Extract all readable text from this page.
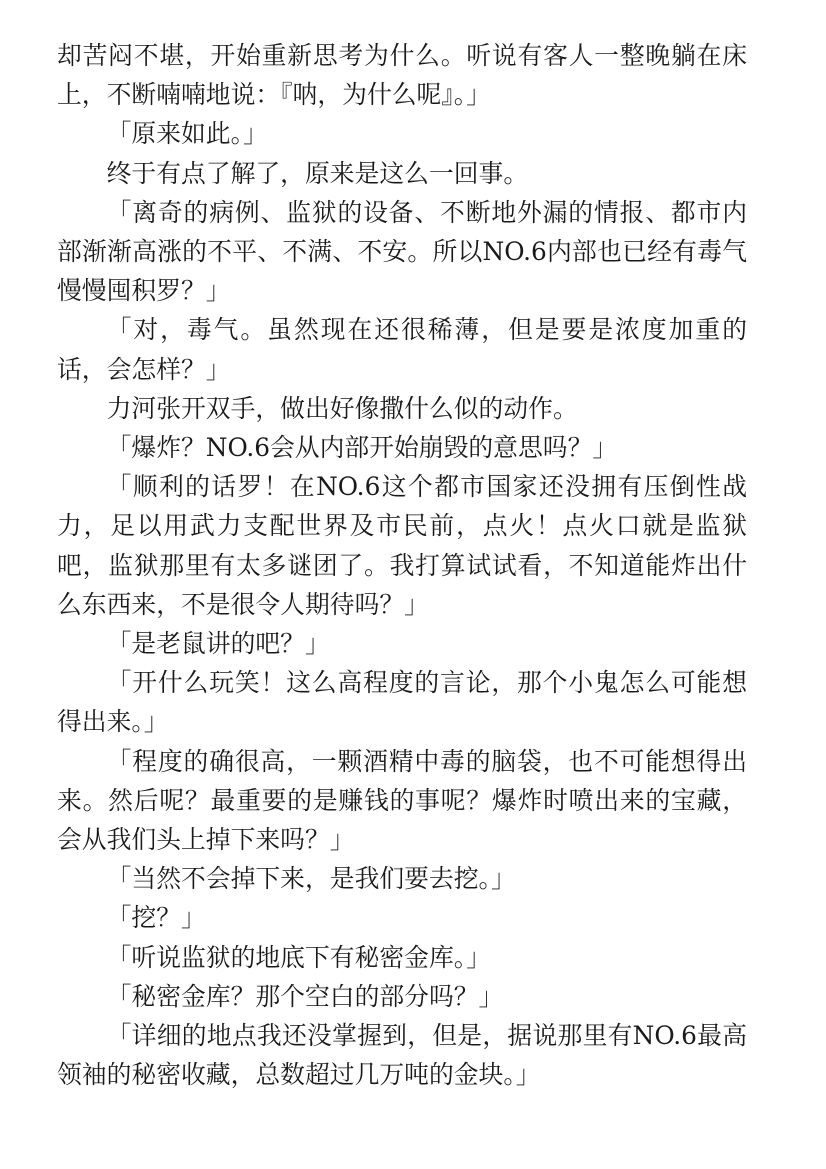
却苦闷不堪，开始重新思考为什么。听说有客人一整晚躺在床上，不断喃喃地说：『呐，为什么呢』。」

「原来如此。」

终于有点了解了，原来是这么一回事。

「离奇的病例、监狱的设备、不断地外漏的情报、都市内部渐渐高涨的不平、不满、不安。所以NO.6内部也已经有毒气慢慢囤积罗？」

「对，毒气。虽然现在还很稀薄，但是要是浓度加重的话，会怎样？」

力河张开双手，做出好像撒什么似的动作。

「爆炸？NO.6会从内部开始崩毁的意思吗？」

「顺利的话罗！在NO.6这个都市国家还没拥有压倒性战力，足以用武力支配世界及市民前，点火！点火口就是监狱吧，监狱那里有太多谜团了。我打算试试看，不知道能炸出什么东西来，不是很令人期待吗？」

「是老鼠讲的吧？」

「开什么玩笑！这么高程度的言论，那个小鬼怎么可能想得出来。」

「程度的确很高，一颗酒精中毒的脑袋，也不可能想得出来。然后呢？最重要的是赚钱的事呢？爆炸时喷出来的宝藏，会从我们头上掉下来吗？」

「当然不会掉下来，是我们要去挖。」

「挖？」

「听说监狱的地底下有秘密金库。」

「秘密金库？那个空白的部分吗？」

「详细的地点我还没掌握到，但是，据说那里有NO.6最高领袖的秘密收藏，总数超过几万吨的金块。」
